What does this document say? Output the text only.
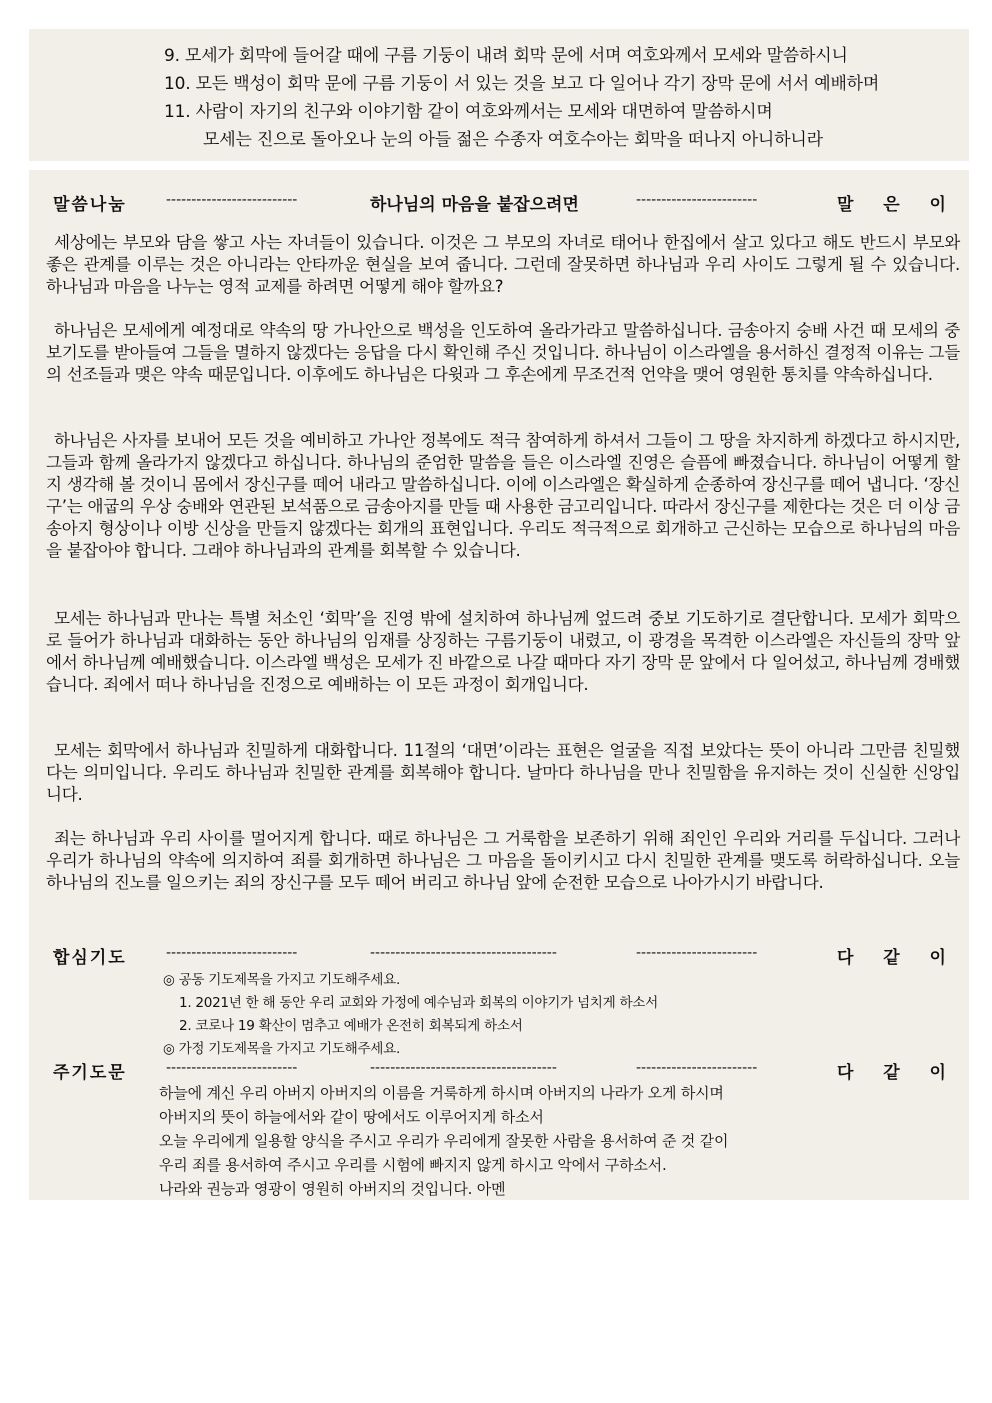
9. 모세가 회막에 들어갈 때에 구름 기둥이 내려 회막 문에 서며 여호와께서 모세와 말씀하시니
10. 모든 백성이 회막 문에 구름 기둥이 서 있는 것을 보고 다 일어나 각기 장막 문에 서서 예배하며
11. 사람이 자기의 친구와 이야기함 같이 여호와께서는 모세와 대면하여 말씀하시며
모세는 진으로 돌아오나 눈의 아들 젊은 수종자 여호수아는 회막을 떠나지 아니하니라
말씀나눔	--------------------------	하나님의 마음을 붙잡으려면	------------------------	말  은  이

세상에는 부모와 담을 쌓고 사는 자녀들이 있습니다. 이것은 그 부모의 자녀로 태어나 한집에서 살고 있다고 해도 반드시 부모와 좋은 관계를 이루는 것은 아니라는 안타까운 현실을 보여 줍니다. 그런데 잘못하면 하나님과 우리 사이도 그렇게 될 수 있습니다. 하나님과 마음을 나누는 영적 교제를 하려면 어떻게 해야 할까요?

하나님은 모세에게 예정대로 약속의 땅 가나안으로 백성을 인도하여 올라가라고 말씀하십니다. 금송아지 숭배 사건 때 모세의 중보기도를 받아들여 그들을 멸하지 않겠다는 응답을 다시 확인해 주신 것입니다. 하나님이 이스라엘을 용서하신 결정적 이유는 그들의 선조들과 맺은 약속 때문입니다. 이후에도 하나님은 다윗과 그 후손에게 무조건적 언약을 맺어 영원한 통치를 약속하십니다.

하나님은 사자를 보내어 모든 것을 예비하고 가나안 정복에도 적극 참여하게 하셔서 그들이 그 땅을 차지하게 하겠다고 하시지만, 그들과 함께 올라가지 않겠다고 하십니다. 하나님의 준엄한 말씀을 들은 이스라엘 진영은 슬픔에 빠졌습니다. 하나님이 어떻게 할지 생각해 볼 것이니 몸에서 장신구를 떼어 내라고 말씀하십니다. 이에 이스라엘은 확실하게 순종하여 장신구를 떼어 냅니다. ‘장신구’는 애굽의 우상 숭배와 연관된 보석품으로 금송아지를 만들 때 사용한 금고리입니다. 따라서 장신구를 제한다는 것은 더 이상 금송아지 형상이나 이방 신상을 만들지 않겠다는 회개의 표현입니다. 우리도 적극적으로 회개하고 근신하는 모습으로 하나님의 마음을 붙잡아야 합니다. 그래야 하나님과의 관계를 회복할 수 있습니다.

모세는 하나님과 만나는 특별 처소인 ‘회막’을 진영 밖에 설치하여 하나님께 엎드려 중보 기도하기로 결단합니다. 모세가 회막으로 들어가 하나님과 대화하는 동안 하나님의 임재를 상징하는 구름기둥이 내렸고, 이 광경을 목격한 이스라엘은 자신들의 장막 앞에서 하나님께 예배했습니다. 이스라엘 백성은 모세가 진 바깥으로 나갈 때마다 자기 장막 문 앞에서 다 일어섰고, 하나님께 경배했습니다. 죄에서 떠나 하나님을 진정으로 예배하는 이 모든 과정이 회개입니다.

모세는 회막에서 하나님과 친밀하게 대화합니다. 11절의 ‘대면’이라는 표현은 얼굴을 직접 보았다는 뜻이 아니라 그만큼 친밀했다는 의미입니다. 우리도 하나님과 친밀한 관계를 회복해야 합니다. 날마다 하나님을 만나 친밀함을 유지하는 것이 신실한 신앙입니다.

죄는 하나님과 우리 사이를 멀어지게 합니다. 때로 하나님은 그 거룩함을 보존하기 위해 죄인인 우리와 거리를 두십니다. 그러나 우리가 하나님의 약속에 의지하여 죄를 회개하면 하나님은 그 마음을 돌이키시고 다시 친밀한 관계를 맺도록 허락하십니다. 오늘 하나님의 진노를 일으키는 죄의 장신구를 모두 떼어 버리고 하나님 앞에 순전한 모습으로 나아가시기 바랍니다.

합심기도	--------------------------	-------------------------------------	------------------------	다  같  이
◎ 공동 기도제목을 가지고 기도해주세요.
1. 2021년 한 해 동안 우리 교회와 가정에 예수님과 회복의 이야기가 넘치게 하소서
2. 코로나 19 확산이 멈추고 예배가 온전히 회복되게 하소서
◎ 가정 기도제목을 가지고 기도해주세요.
주기도문	--------------------------	-------------------------------------	------------------------	다  같  이
하늘에 계신 우리 아버지 아버지의 이름을 거룩하게 하시며 아버지의 나라가 오게 하시며
아버지의 뜻이 하늘에서와 같이 땅에서도 이루어지게 하소서
오늘 우리에게 일용할 양식을 주시고 우리가 우리에게 잘못한 사람을 용서하여 준 것 같이
우리 죄를 용서하여 주시고 우리를 시험에 빠지지 않게 하시고 악에서 구하소서.
나라와 권능과 영광이 영원히 아버지의 것입니다. 아멘
